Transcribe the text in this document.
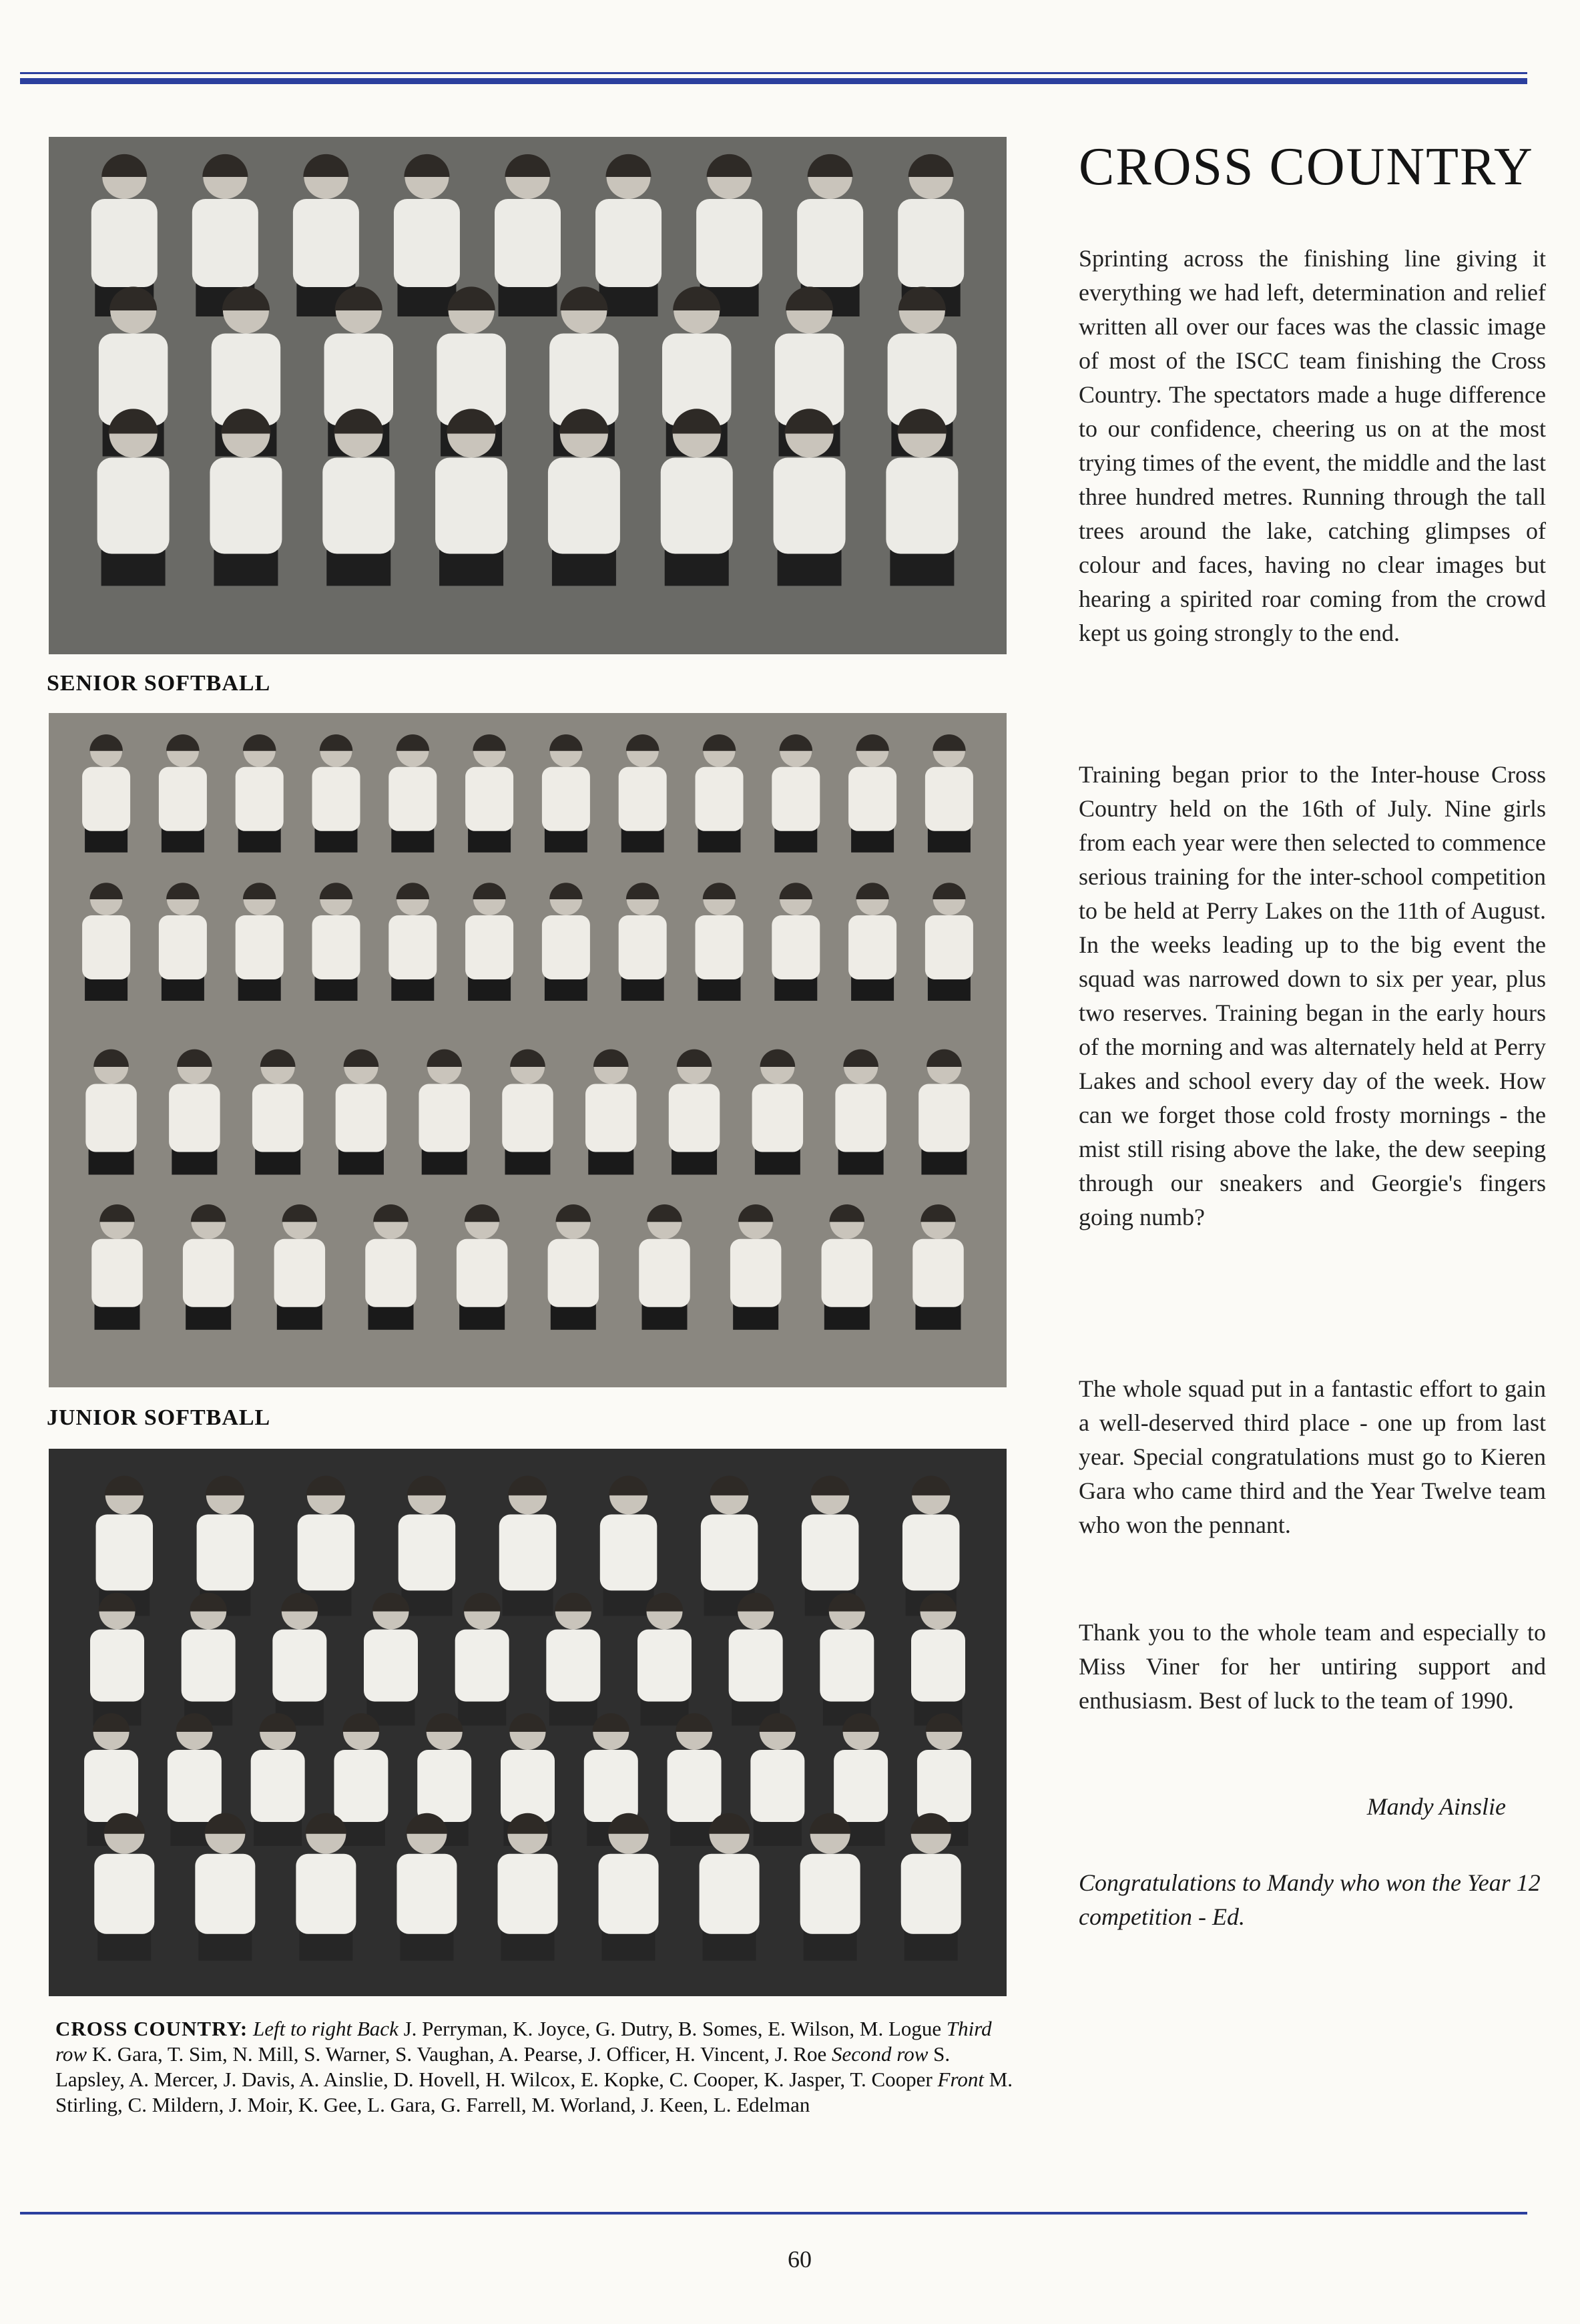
SENIOR SOFTBALL
JUNIOR SOFTBALL
CROSS COUNTRY
Sprinting across the finishing line giving it everything we had left, determination and relief written all over our faces was the classic image of most of the ISCC team finishing the Cross Country. The spectators made a huge difference to our confidence, cheering us on at the most trying times of the event, the middle and the last three hundred metres. Running through the tall trees around the lake, catching glimpses of colour and faces, having no clear images but hearing a spirited roar coming from the crowd kept us going strongly to the end.
Training began prior to the Inter-house Cross Country held on the 16th of July. Nine girls from each year were then selected to commence serious training for the inter-school competition to be held at Perry Lakes on the 11th of August. In the weeks leading up to the big event the squad was narrowed down to six per year, plus two reserves. Training began in the early hours of the morning and was alternately held at Perry Lakes and school every day of the week. How can we forget those cold frosty mornings - the mist still rising above the lake, the dew seeping through our sneakers and Georgie's fingers going numb?
The whole squad put in a fantastic effort to gain a well-deserved third place - one up from last year. Special congratulations must go to Kieren Gara who came third and the Year Twelve team who won the pennant.
Thank you to the whole team and especially to Miss Viner for her untiring support and enthusiasm. Best of luck to the team of 1990.
Mandy Ainslie
Congratulations to Mandy who won the Year 12 competition - Ed.
CROSS COUNTRY: Left to right Back J. Perryman, K. Joyce, G. Dutry, B. Somes, E. Wilson, M. Logue Third row K. Gara, T. Sim, N. Mill, S. Warner, S. Vaughan, A. Pearse, J. Officer, H. Vincent, J. Roe Second row S. Lapsley, A. Mercer, J. Davis, A. Ainslie, D. Hovell, H. Wilcox, E. Kopke, C. Cooper, K. Jasper, T. Cooper Front M. Stirling, C. Mildern, J. Moir, K. Gee, L. Gara, G. Farrell, M. Worland, J. Keen, L. Edelman
60
